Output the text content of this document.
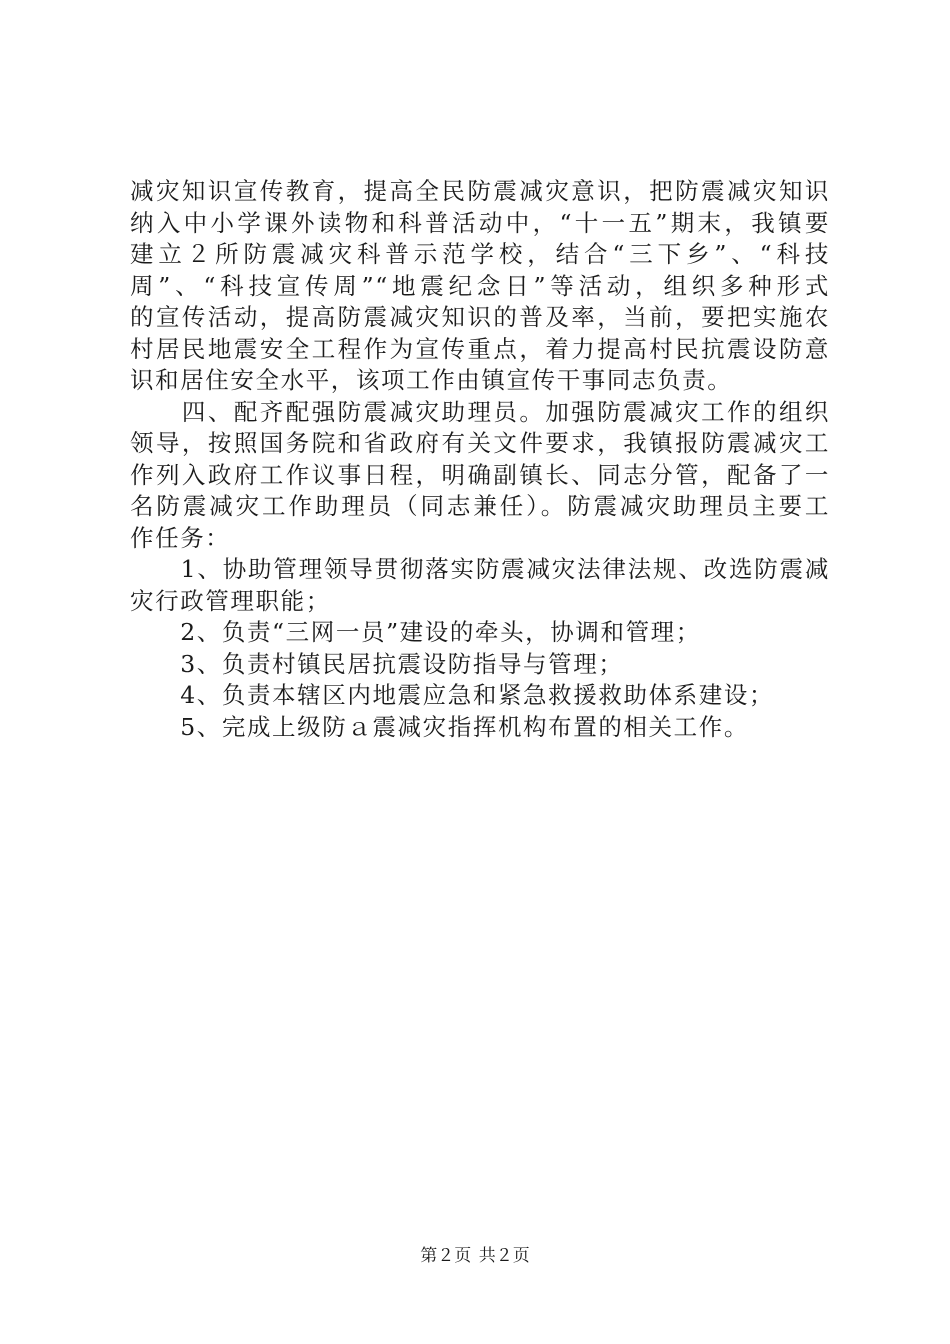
减灾知识宣传教育，提高全民防震减灾意识，把防震减灾知识
纳入中小学课外读物和科普活动中，“十一五”期末，我镇要
建立２所防震减灾科普示范学校，结合“三下乡”、“科技
周”、“科技宣传周”“地震纪念日”等活动，组织多种形式
的宣传活动，提高防震减灾知识的普及率，当前，要把实施农
村居民地震安全工程作为宣传重点，着力提高村民抗震设防意
识和居住安全水平，该项工作由镇宣传干事同志负责。
　　四、配齐配强防震减灾助理员。加强防震减灾工作的组织
领导，按照国务院和省政府有关文件要求，我镇报防震减灾工
作列入政府工作议事日程，明确副镇长、同志分管，配备了一
名防震减灾工作助理员（同志兼任）。防震减灾助理员主要工
作任务：
　　1、协助管理领导贯彻落实防震减灾法律法规、改选防震减
灾行政管理职能；
　　2、负责“三网一员”建设的牵头，协调和管理；
　　3、负责村镇民居抗震设防指导与管理；
　　4、负责本辖区内地震应急和紧急救援救助体系建设；
　　5、完成上级防ａ震减灾指挥机构布置的相关工作。
第２页 共２页
